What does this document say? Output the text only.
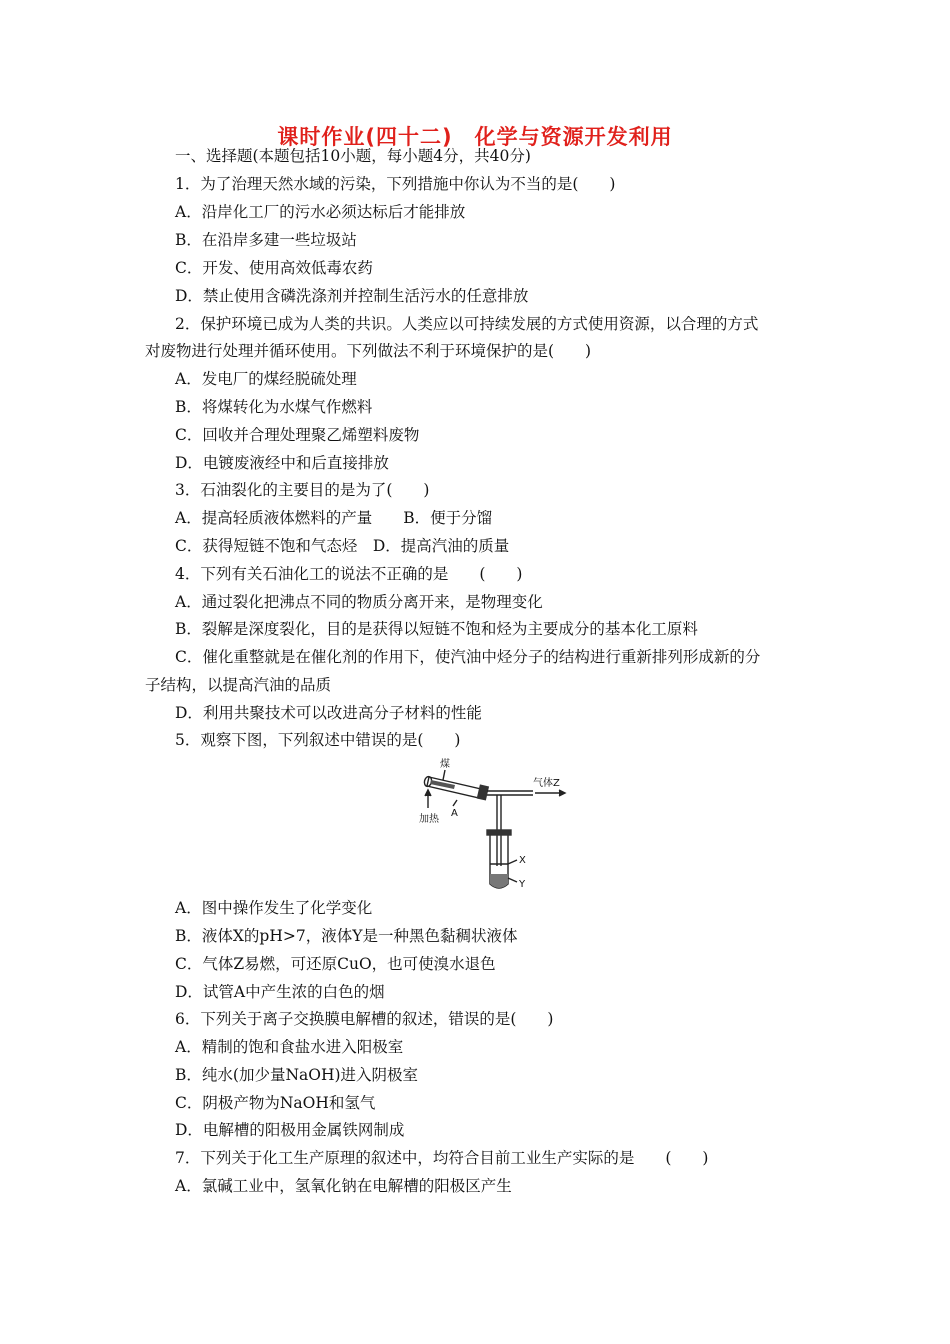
课时作业(四十二)　化学与资源开发利用
一、选择题(本题包括10小题，每小题4分，共40分)
1．为了治理天然水域的污染，下列措施中你认为不当的是(　　)
A．沿岸化工厂的污水必须达标后才能排放
B．在沿岸多建一些垃圾站
C．开发、使用高效低毒农药
D．禁止使用含磷洗涤剂并控制生活污水的任意排放
2．保护环境已成为人类的共识。人类应以可持续发展的方式使用资源，以合理的方式
对废物进行处理并循环使用。下列做法不利于环境保护的是(　　)
A．发电厂的煤经脱硫处理
B．将煤转化为水煤气作燃料
C．回收并合理处理聚乙烯塑料废物
D．电镀废液经中和后直接排放
3．石油裂化的主要目的是为了(　　)
A．提高轻质液体燃料的产量　　B．便于分馏
C．获得短链不饱和气态烃　D．提高汽油的质量
4．下列有关石油化工的说法不正确的是　　(　　)
A．通过裂化把沸点不同的物质分离开来，是物理变化
B．裂解是深度裂化，目的是获得以短链不饱和烃为主要成分的基本化工原料
C．催化重整就是在催化剂的作用下，使汽油中烃分子的结构进行重新排列形成新的分
子结构，以提高汽油的品质
D．利用共聚技术可以改进高分子材料的性能
5．观察下图，下列叙述中错误的是(　　)
煤
加热
A
气体Z
X
Y
A．图中操作发生了化学变化
B．液体X的pH>7，液体Y是一种黑色黏稠状液体
C．气体Z易燃，可还原CuO，也可使溴水退色
D．试管A中产生浓的白色的烟
6．下列关于离子交换膜电解槽的叙述，错误的是(　　)
A．精制的饱和食盐水进入阳极室
B．纯水(加少量NaOH)进入阴极室
C．阴极产物为NaOH和氢气
D．电解槽的阳极用金属铁网制成
7．下列关于化工生产原理的叙述中，均符合目前工业生产实际的是　　(　　)
A．氯碱工业中，氢氧化钠在电解槽的阳极区产生
